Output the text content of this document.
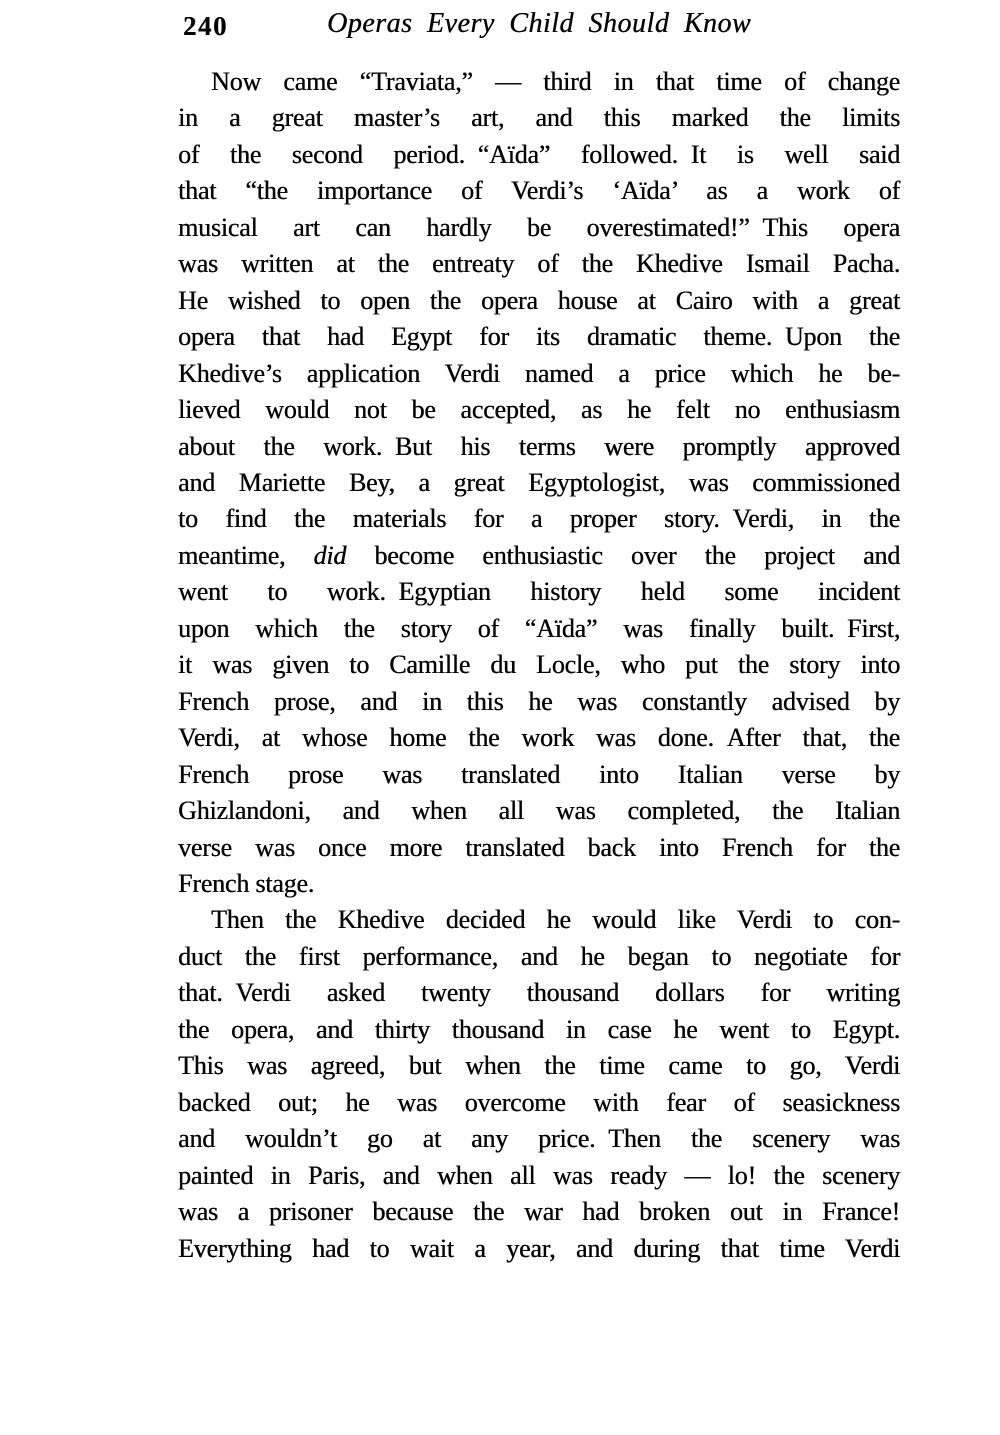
240	Operas Every Child Should Know
Now came “Traviata,” — third in that time of change
in a great master’s art, and this marked the limits
of the second period. “Aïda” followed. It is well said
that “the importance of Verdi’s ‘Aïda’ as a work of
musical art can hardly be overestimated!” This opera
was written at the entreaty of the Khedive Ismail Pacha.
He wished to open the opera house at Cairo with a great
opera that had Egypt for its dramatic theme. Upon the
Khedive’s application Verdi named a price which he be-
lieved would not be accepted, as he felt no enthusiasm
about the work. But his terms were promptly approved
and Mariette Bey, a great Egyptologist, was commissioned
to find the materials for a proper story. Verdi, in the
meantime, did become enthusiastic over the project and
went to work. Egyptian history held some incident
upon which the story of “Aïda” was finally built. First,
it was given to Camille du Locle, who put the story into
French prose, and in this he was constantly advised by
Verdi, at whose home the work was done. After that, the
French prose was translated into Italian verse by
Ghizlandoni, and when all was completed, the Italian
verse was once more translated back into French for the
French stage.
Then the Khedive decided he would like Verdi to con-
duct the first performance, and he began to negotiate for
that. Verdi asked twenty thousand dollars for writing
the opera, and thirty thousand in case he went to Egypt.
This was agreed, but when the time came to go, Verdi
backed out; he was overcome with fear of seasickness
and wouldn’t go at any price. Then the scenery was
painted in Paris, and when all was ready — lo! the scenery
was a prisoner because the war had broken out in France!
Everything had to wait a year, and during that time Verdi
